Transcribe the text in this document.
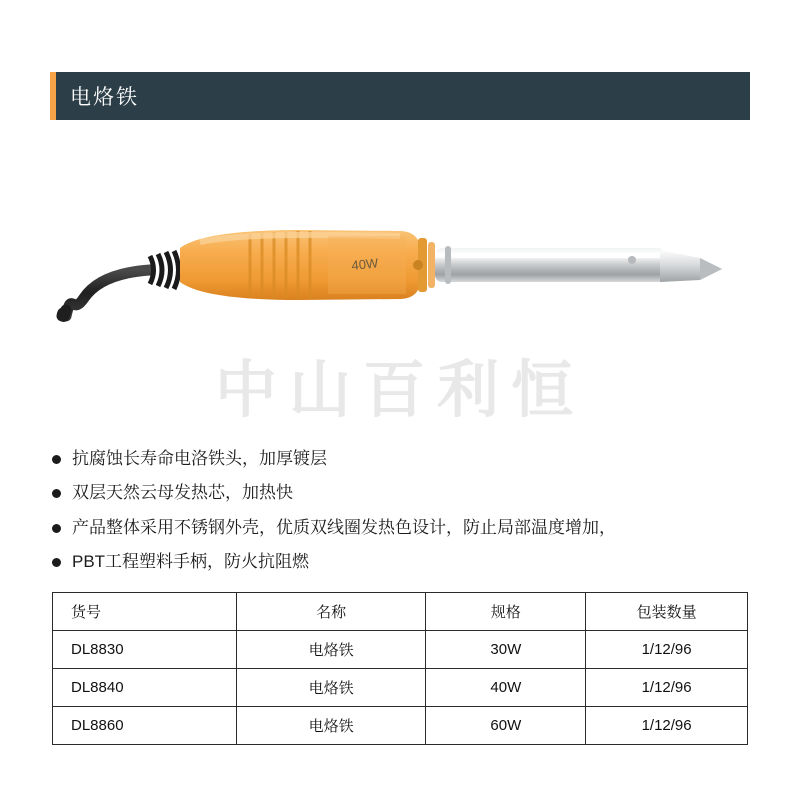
电烙铁
40W
中山百利恒
抗腐蚀长寿命电洛铁头，加厚镀层
双层天然云母发热芯，加热快
产品整体采用不锈钢外壳，优质双线圈发热色设计，防止局部温度增加，
PBT工程塑料手柄，防火抗阻燃
货号	名称	规格	包装数量
DL8830	电烙铁	30W	1/12/96
DL8840	电烙铁	40W	1/12/96
DL8860	电烙铁	60W	1/12/96
